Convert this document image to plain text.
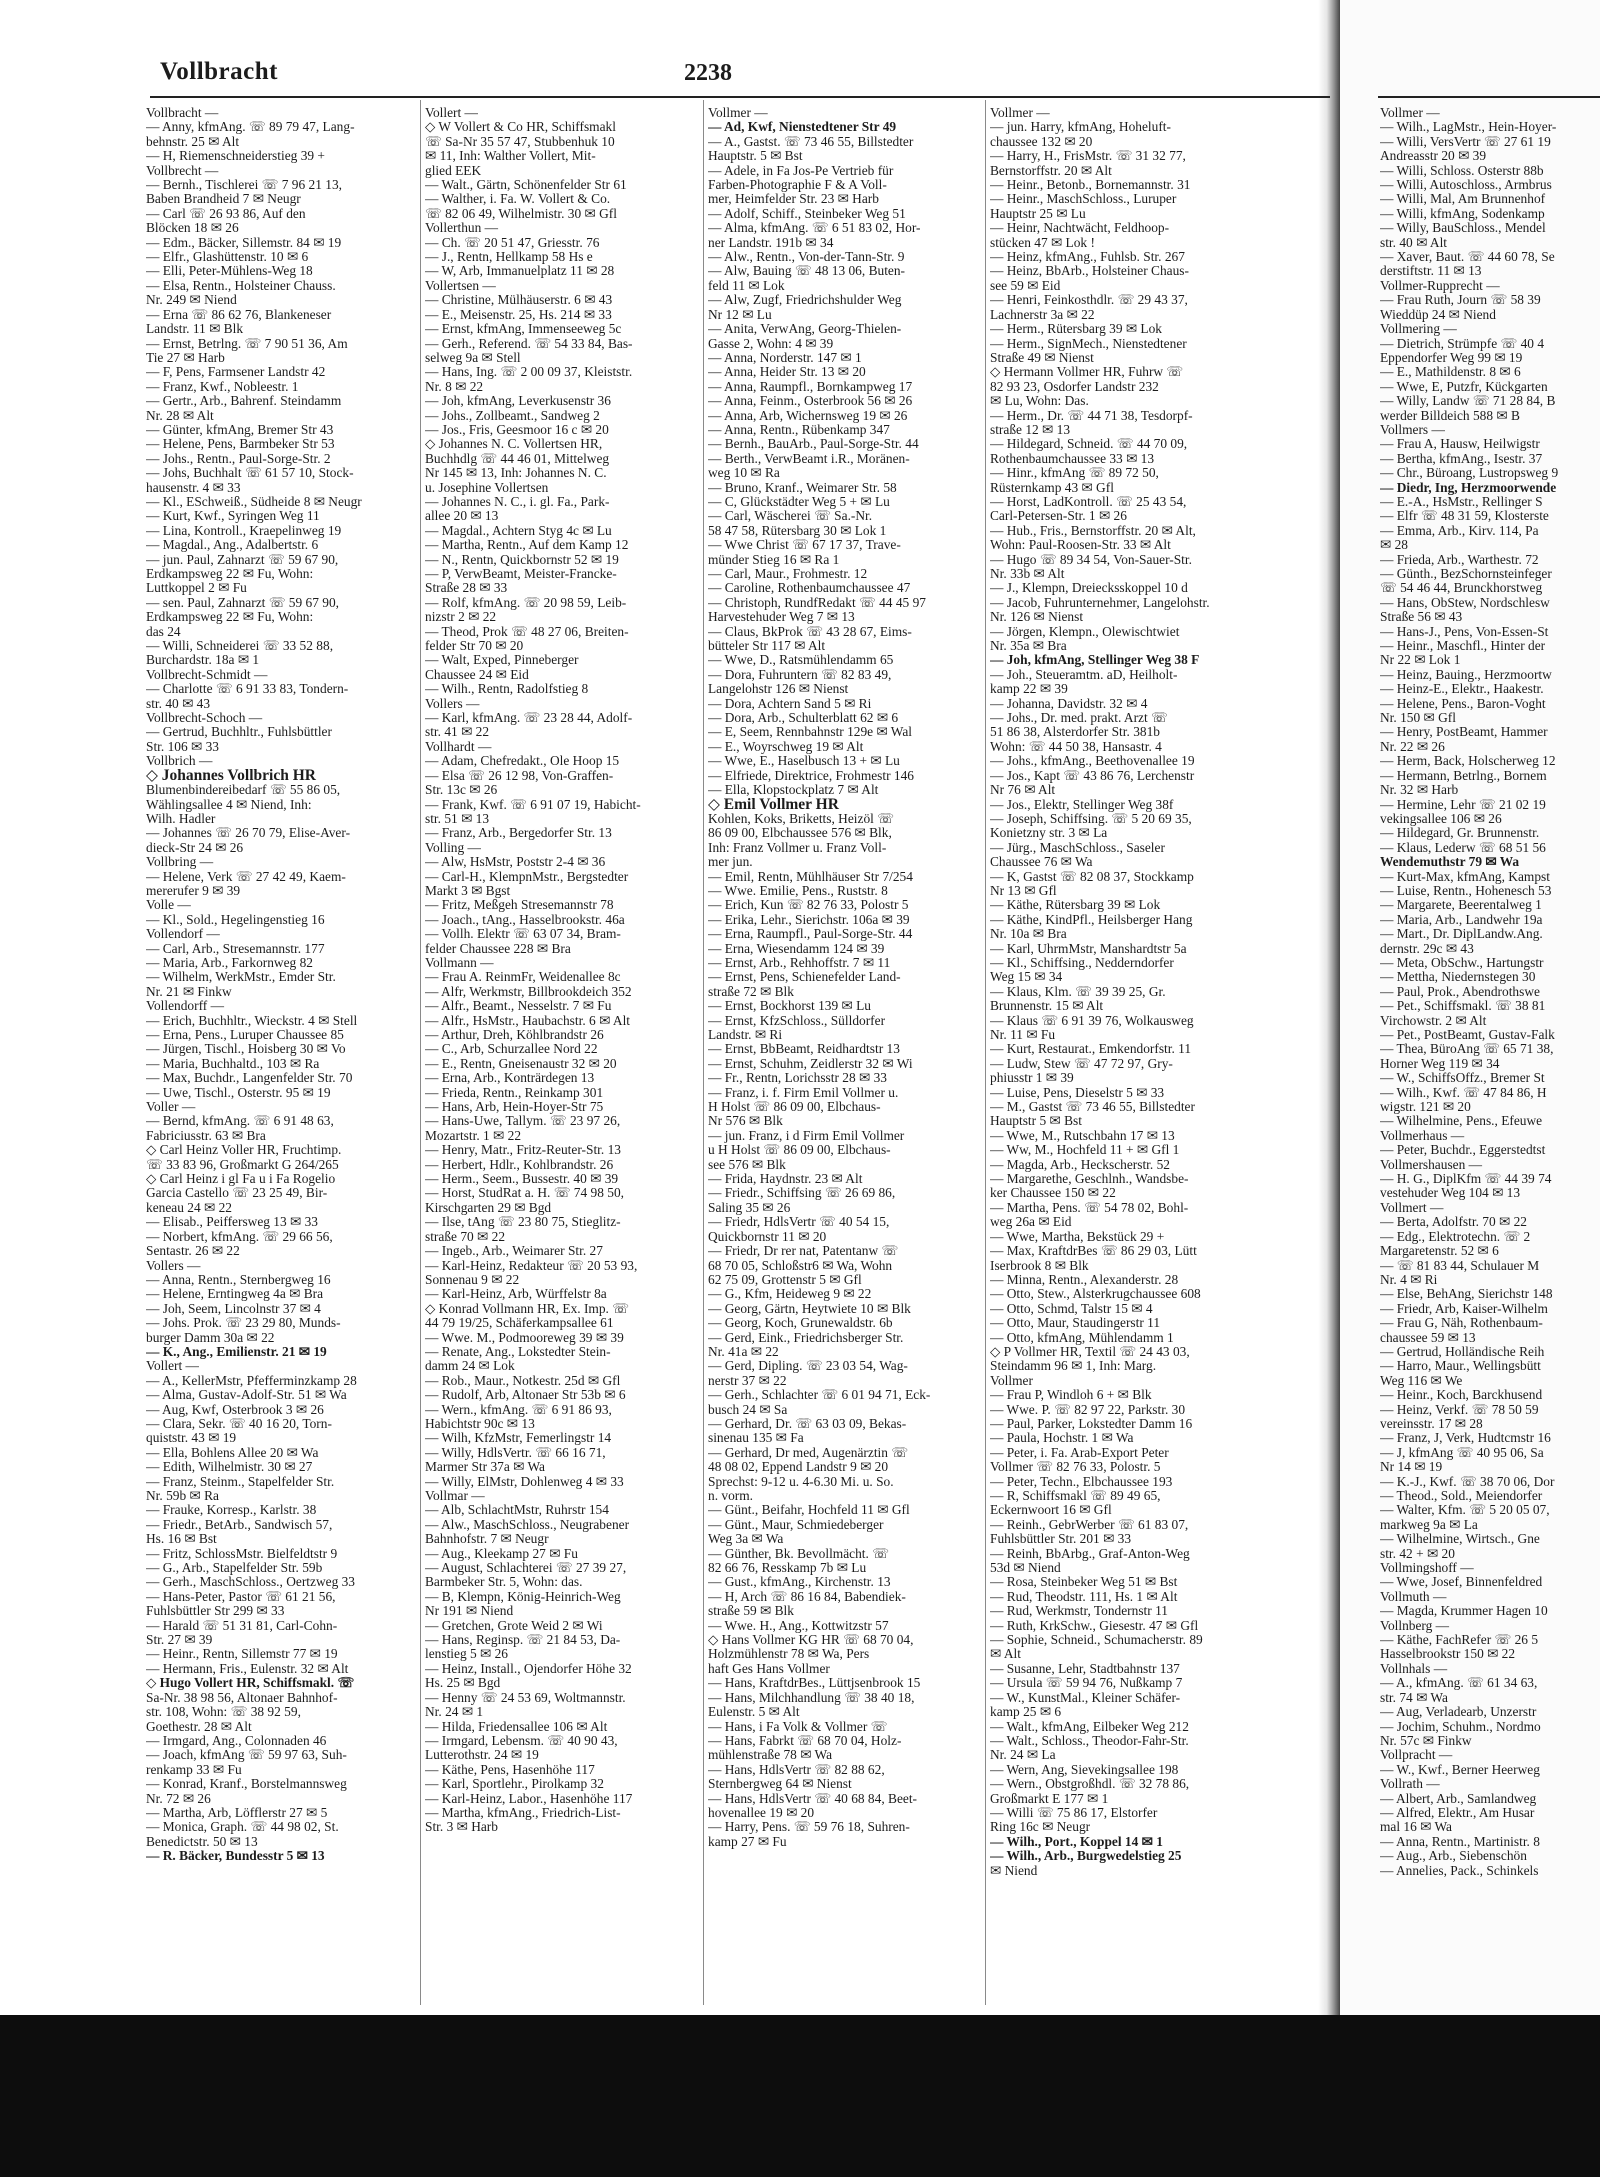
Vollbracht	2238
Vollbracht —
— Anny, kfmAng. ☏ 89 79 47, Lang-
behnstr. 25 ✉ Alt
— H, Riemenschneiderstieg 39 +
Vollbrecht —
— Bernh., Tischlerei ☏ 7 96 21 13,
Baben Brandheid 7 ✉ Neugr
— Carl ☏ 26 93 86, Auf den
Blöcken 18 ✉ 26
— Edm., Bäcker, Sillemstr. 84 ✉ 19
— Elfr., Glashüttenstr. 10 ✉ 6
— Elli, Peter-Mühlens-Weg 18
— Elsa, Rentn., Holsteiner Chauss.
Nr. 249 ✉ Niend
— Erna ☏ 86 62 76, Blankeneser
Landstr. 11 ✉ Blk
— Ernst, Betrlng. ☏ 7 90 51 36, Am
Tie 27 ✉ Harb
— F, Pens, Farmsener Landstr 42
— Franz, Kwf., Nobleestr. 1
— Gertr., Arb., Bahrenf. Steindamm
Nr. 28 ✉ Alt
— Günter, kfmAng, Bremer Str 43
— Helene, Pens, Barmbeker Str 53
— Johs., Rentn., Paul-Sorge-Str. 2
— Johs, Buchhalt ☏ 61 57 10, Stock-
hausenstr. 4 ✉ 33
— Kl., ESchweiß., Südheide 8 ✉ Neugr
— Kurt, Kwf., Syringen Weg 11
— Lina, Kontroll., Kraepelinweg 19
— Magdal., Ang., Adalbertstr. 6
— jun. Paul, Zahnarzt ☏ 59 67 90,
Erdkampsweg 22 ✉ Fu, Wohn:
Luttkoppel 2 ✉ Fu
— sen. Paul, Zahnarzt ☏ 59 67 90,
Erdkampsweg 22 ✉ Fu, Wohn:
das 24
— Willi, Schneiderei ☏ 33 52 88,
Burchardstr. 18a ✉ 1
Vollbrecht-Schmidt —
— Charlotte ☏ 6 91 33 83, Tondern-
str. 40 ✉ 43
Vollbrecht-Schoch —
— Gertrud, Buchhltr., Fuhlsbüttler
Str. 106 ✉ 33
Vollbrich —
◇ Johannes Vollbrich HR
Blumenbindereibedarf ☏ 55 86 05,
Wählingsallee 4 ✉ Niend, Inh:
Wilh. Hadler
— Johannes ☏ 26 70 79, Elise-Aver-
dieck-Str 24 ✉ 26
Vollbring —
— Helene, Verk ☏ 27 42 49, Kaem-
mererufer 9 ✉ 39
Volle —
— Kl., Sold., Hegelingenstieg 16
Vollendorf —
— Carl, Arb., Stresemannstr. 177
— Maria, Arb., Farkornweg 82
— Wilhelm, WerkMstr., Emder Str.
Nr. 21 ✉ Finkw
Vollendorff —
— Erich, Buchhltr., Wieckstr. 4 ✉ Stell
— Erna, Pens., Luruper Chaussee 85
— Jürgen, Tischl., Hoisberg 30 ✉ Vo
— Maria, Buchhaltd., 103 ✉ Ra
— Max, Buchdr., Langenfelder Str. 70
— Uwe, Tischl., Osterstr. 95 ✉ 19
Voller —
— Bernd, kfmAng. ☏ 6 91 48 63,
Fabriciusstr. 63 ✉ Bra
◇ Carl Heinz Voller HR, Fruchtimp.
☏ 33 83 96, Großmarkt G 264/265
◇ Carl Heinz i gl Fa u i Fa Rogelio
Garcia Castello ☏ 23 25 49, Bir-
keneau 24 ✉ 22
— Elisab., Peiffersweg 13 ✉ 33
— Norbert, kfmAng. ☏ 29 66 56,
Sentastr. 26 ✉ 22
Vollers —
— Anna, Rentn., Sternbergweg 16
— Helene, Erntingweg 4a ✉ Bra
— Joh, Seem, Lincolnstr 37 ✉ 4
— Johs. Prok. ☏ 23 29 80, Munds-
burger Damm 30a ✉ 22
— K., Ang., Emilienstr. 21 ✉ 19
Vollert —
— A., KellerMstr, Pfefferminzkamp 28
— Alma, Gustav-Adolf-Str. 51 ✉ Wa
— Aug, Kwf, Osterbrook 3 ✉ 26
— Clara, Sekr. ☏ 40 16 20, Torn-
quiststr. 43 ✉ 19
— Ella, Bohlens Allee 20 ✉ Wa
— Edith, Wilhelmistr. 30 ✉ 27
— Franz, Steinm., Stapelfelder Str.
Nr. 59b ✉ Ra
— Frauke, Korresp., Karlstr. 38
— Friedr., BetArb., Sandwisch 57,
Hs. 16 ✉ Bst
— Fritz, SchlossMstr. Bielfeldtstr 9
— G., Arb., Stapelfelder Str. 59b
— Gerh., MaschSchloss., Oertzweg 33
— Hans-Peter, Pastor ☏ 61 21 56,
Fuhlsbüttler Str 299 ✉ 33
— Harald ☏ 51 31 81, Carl-Cohn-
Str. 27 ✉ 39
— Heinr., Rentn, Sillemstr 77 ✉ 19
— Hermann, Fris., Eulenstr. 32 ✉ Alt
◇ Hugo Vollert HR, Schiffsmakl. ☏
Sa-Nr. 38 98 56, Altonaer Bahnhof-
str. 108, Wohn: ☏ 38 92 59,
Goethestr. 28 ✉ Alt
— Irmgard, Ang., Colonnaden 46
— Joach, kfmAng ☏ 59 97 63, Suh-
renkamp 33 ✉ Fu
— Konrad, Kranf., Borstelmannsweg
Nr. 72 ✉ 26
— Martha, Arb, Löfflerstr 27 ✉ 5
— Monica, Graph. ☏ 44 98 02, St.
Benedictstr. 50 ✉ 13
— R. Bäcker, Bundesstr 5 ✉ 13
Vollert —
◇ W Vollert & Co HR, Schiffsmakl
☏ Sa-Nr 35 57 47, Stubbenhuk 10
✉ 11, Inh: Walther Vollert, Mit-
glied EEK
— Walt., Gärtn, Schönenfelder Str 61
— Walther, i. Fa. W. Vollert & Co.
☏ 82 06 49, Wilhelmistr. 30 ✉ Gfl
Vollerthun —
— Ch. ☏ 20 51 47, Griesstr. 76
— J., Rentn, Hellkamp 58 Hs e
— W, Arb, Immanuelplatz 11 ✉ 28
Vollertsen —
— Christine, Mülhäuserstr. 6 ✉ 43
— E., Meisenstr. 25, Hs. 214 ✉ 33
— Ernst, kfmAng, Immenseeweg 5c
— Gerh., Referend. ☏ 54 33 84, Bas-
selweg 9a ✉ Stell
— Hans, Ing. ☏ 2 00 09 37, Kleiststr.
Nr. 8 ✉ 22
— Joh, kfmAng, Leverkusenstr 36
— Johs., Zollbeamt., Sandweg 2
— Jos., Fris, Geesmoor 16 c ✉ 20
◇ Johannes N. C. Vollertsen HR,
Buchhdlg ☏ 44 46 01, Mittelweg
Nr 145 ✉ 13, Inh: Johannes N. C.
u. Josephine Vollertsen
— Johannes N. C., i. gl. Fa., Park-
allee 20 ✉ 13
— Magdal., Achtern Styg 4c ✉ Lu
— Martha, Rentn., Auf dem Kamp 12
— N., Rentn, Quickbornstr 52 ✉ 19
— P, VerwBeamt, Meister-Francke-
Straße 28 ✉ 33
— Rolf, kfmAng. ☏ 20 98 59, Leib-
nizstr 2 ✉ 22
— Theod, Prok ☏ 48 27 06, Breiten-
felder Str 70 ✉ 20
— Walt, Exped, Pinneberger
Chaussee 24 ✉ Eid
— Wilh., Rentn, Radolfstieg 8
Vollers —
— Karl, kfmAng. ☏ 23 28 44, Adolf-
str. 41 ✉ 22
Vollhardt —
— Adam, Chefredakt., Ole Hoop 15
— Elsa ☏ 26 12 98, Von-Graffen-
Str. 13c ✉ 26
— Frank, Kwf. ☏ 6 91 07 19, Habicht-
str. 51 ✉ 13
— Franz, Arb., Bergedorfer Str. 13
Volling —
— Alw, HsMstr, Poststr 2-4 ✉ 36
— Carl-H., KlempnMstr., Bergstedter
Markt 3 ✉ Bgst
— Fritz, Meßgeh Stresemannstr 78
— Joach., tAng., Hasselbrookstr. 46a
— Vollh. Elektr ☏ 63 07 34, Bram-
felder Chaussee 228 ✉ Bra
Vollmann —
— Frau A. ReinmFr, Weidenallee 8c
— Alfr, Werkmstr, Billbrookdeich 352
— Alfr., Beamt., Nesselstr. 7 ✉ Fu
— Alfr., HsMstr., Haubachstr. 6 ✉ Alt
— Arthur, Dreh, Köhlbrandstr 26
— C., Arb, Schurzallee Nord 22
— E., Rentn, Gneisenaustr 32 ✉ 20
— Erna, Arb., Konträrdegen 13
— Frieda, Rentn., Reinkamp 301
— Hans, Arb, Hein-Hoyer-Str 75
— Hans-Uwe, Tallym. ☏ 23 97 26,
Mozartstr. 1 ✉ 22
— Henry, Matr., Fritz-Reuter-Str. 13
— Herbert, Hdlr., Kohlbrandstr. 26
— Herm., Seem., Bussestr. 40 ✉ 39
— Horst, StudRat a. H. ☏ 74 98 50,
Kirschgarten 29 ✉ Bgd
— Ilse, tAng ☏ 23 80 75, Stieglitz-
straße 70 ✉ 22
— Ingeb., Arb., Weimarer Str. 27
— Karl-Heinz, Redakteur ☏ 20 53 93,
Sonnenau 9 ✉ 22
— Karl-Heinz, Arb, Würffelstr 8a
◇ Konrad Vollmann HR, Ex. Imp. ☏
44 79 19/25, Schäferkampsallee 61
— Wwe. M., Podmooreweg 39 ✉ 39
— Renate, Ang., Lokstedter Stein-
damm 24 ✉ Lok
— Rob., Maur., Notkestr. 25d ✉ Gfl
— Rudolf, Arb, Altonaer Str 53b ✉ 6
— Wern., kfmAng. ☏ 6 91 86 93,
Habichtstr 90c ✉ 13
— Wilh, KfzMstr, Femerlingstr 14
— Willy, HdlsVertr. ☏ 66 16 71,
Marmer Str 37a ✉ Wa
— Willy, ElMstr, Dohlenweg 4 ✉ 33
Vollmar —
— Alb, SchlachtMstr, Ruhrstr 154
— Alw., MaschSchloss., Neugrabener
Bahnhofstr. 7 ✉ Neugr
— Aug., Kleekamp 27 ✉ Fu
— August, Schlachterei ☏ 27 39 27,
Barmbeker Str. 5, Wohn: das.
— B, Klempn, König-Heinrich-Weg
Nr 191 ✉ Niend
— Gretchen, Grote Weid 2 ✉ Wi
— Hans, Reginsp. ☏ 21 84 53, Da-
lenstieg 5 ✉ 26
— Heinz, Install., Ojendorfer Höhe 32
Hs. 25 ✉ Bgd
— Henny ☏ 24 53 69, Woltmannstr.
Nr. 24 ✉ 1
— Hilda, Friedensallee 106 ✉ Alt
— Irmgard, Lebensm. ☏ 40 90 43,
Lutterothstr. 24 ✉ 19
— Käthe, Pens, Hasenhöhe 117
— Karl, Sportlehr., Pirolkamp 32
— Karl-Heinz, Labor., Hasenhöhe 117
— Martha, kfmAng., Friedrich-List-
Str. 3 ✉ Harb
Vollmer —
— Ad, Kwf, Nienstedtener Str 49
— A., Gastst. ☏ 73 46 55, Billstedter
Hauptstr. 5 ✉ Bst
— Adele, in Fa Jos-Pe Vertrieb für
Farben-Photographie F & A Voll-
mer, Heimfelder Str. 23 ✉ Harb
— Adolf, Schiff., Steinbeker Weg 51
— Alma, kfmAng. ☏ 6 51 83 02, Hor-
ner Landstr. 191b ✉ 34
— Alw., Rentn., Von-der-Tann-Str. 9
— Alw, Bauing ☏ 48 13 06, Buten-
feld 11 ✉ Lok
— Alw, Zugf, Friedrichshulder Weg
Nr 12 ✉ Lu
— Anita, VerwAng, Georg-Thielen-
Gasse 2, Wohn: 4 ✉ 39
— Anna, Norderstr. 147 ✉ 1
— Anna, Heider Str. 13 ✉ 20
— Anna, Raumpfl., Bornkampweg 17
— Anna, Feinm., Osterbrook 56 ✉ 26
— Anna, Arb, Wichernsweg 19 ✉ 26
— Anna, Rentn., Rübenkamp 347
— Bernh., BauArb., Paul-Sorge-Str. 44
— Berth., VerwBeamt i.R., Moränen-
weg 10 ✉ Ra
— Bruno, Kranf., Weimarer Str. 58
— C, Glückstädter Weg 5 + ✉ Lu
— Carl, Wäscherei ☏ Sa.-Nr.
58 47 58, Rütersbarg 30 ✉ Lok 1
— Wwe Christ ☏ 67 17 37, Trave-
münder Stieg 16 ✉ Ra 1
— Carl, Maur., Frohmestr. 12
— Caroline, Rothenbaumchaussee 47
— Christoph, RundfRedakt ☏ 44 45 97
Harvestehuder Weg 7 ✉ 13
— Claus, BkProk ☏ 43 28 67, Eims-
bütteler Str 117 ✉ Alt
— Wwe, D., Ratsmühlendamm 65
— Dora, Fuhruntern ☏ 82 83 49,
Langelohstr 126 ✉ Nienst
— Dora, Achtern Sand 5 ✉ Ri
— Dora, Arb., Schulterblatt 62 ✉ 6
— E, Seem, Rennbahnstr 129e ✉ Wal
— E., Woyrschweg 19 ✉ Alt
— Wwe, E., Haselbusch 13 + ✉ Lu
— Elfriede, Direktrice, Frohmestr 146
— Ella, Klopstockplatz 7 ✉ Alt
◇ Emil Vollmer HR
Kohlen, Koks, Briketts, Heizöl ☏
86 09 00, Elbchaussee 576 ✉ Blk,
Inh: Franz Vollmer u. Franz Voll-
mer jun.
— Emil, Rentn, Mühlhäuser Str 7/254
— Wwe. Emilie, Pens., Ruststr. 8
— Erich, Kun ☏ 82 76 33, Polostr 5
— Erika, Lehr., Sierichstr. 106a ✉ 39
— Erna, Raumpfl., Paul-Sorge-Str. 44
— Erna, Wiesendamm 124 ✉ 39
— Ernst, Arb., Rehhoffstr. 7 ✉ 11
— Ernst, Pens, Schienefelder Land-
straße 72 ✉ Blk
— Ernst, Bockhorst 139 ✉ Lu
— Ernst, KfzSchloss., Sülldorfer
Landstr. ✉ Ri
— Ernst, BbBeamt, Reidhardtstr 13
— Ernst, Schuhm, Zeidlerstr 32 ✉ Wi
— Fr., Rentn, Lorichsstr 28 ✉ 33
— Franz, i. f. Firm Emil Vollmer u.
H Holst ☏ 86 09 00, Elbchaus-
Nr 576 ✉ Blk
— jun. Franz, i d Firm Emil Vollmer
u H Holst ☏ 86 09 00, Elbchaus-
see 576 ✉ Blk
— Frida, Haydnstr. 23 ✉ Alt
— Friedr., Schiffsing ☏ 26 69 86,
Saling 35 ✉ 26
— Friedr, HdlsVertr ☏ 40 54 15,
Quickbornstr 11 ✉ 20
— Friedr, Dr rer nat, Patentanw ☏
68 70 05, Schloßstr6 ✉ Wa, Wohn
62 75 09, Grottenstr 5 ✉ Gfl
— G., Kfm, Heideweg 9 ✉ 22
— Georg, Gärtn, Heytwiete 10 ✉ Blk
— Georg, Koch, Grunewaldstr. 6b
— Gerd, Eink., Friedrichsberger Str.
Nr. 41a ✉ 22
— Gerd, Dipling. ☏ 23 03 54, Wag-
nerstr 37 ✉ 22
— Gerh., Schlachter ☏ 6 01 94 71, Eck-
busch 24 ✉ Sa
— Gerhard, Dr. ☏ 63 03 09, Bekas-
sinenau 135 ✉ Fa
— Gerhard, Dr med, Augenärztin ☏
48 08 02, Eppend Landstr 9 ✉ 20
Sprechst: 9-12 u. 4-6.30 Mi. u. So.
n. vorm.
— Günt., Beifahr, Hochfeld 11 ✉ Gfl
— Günt., Maur, Schmiedeberger
Weg 3a ✉ Wa
— Günther, Bk. Bevollmächt. ☏
82 66 76, Resskamp 7b ✉ Lu
— Gust., kfmAng., Kirchenstr. 13
— H, Arch ☏ 86 16 84, Babendiek-
straße 59 ✉ Blk
— Wwe. H., Ang., Kottwitzstr 57
◇ Hans Vollmer KG HR ☏ 68 70 04,
Holzmühlenstr 78 ✉ Wa, Pers
haft Ges Hans Vollmer
— Hans, KraftdrBes., Lüttjsenbrook 15
— Hans, Milchhandlung ☏ 38 40 18,
Eulenstr. 5 ✉ Alt
— Hans, i Fa Volk & Vollmer ☏
— Hans, Fabrkt ☏ 68 70 04, Holz-
mühlenstraße 78 ✉ Wa
— Hans, HdlsVertr ☏ 82 88 62,
Sternbergweg 64 ✉ Nienst
— Hans, HdlsVertr ☏ 40 68 84, Beet-
hovenallee 19 ✉ 20
— Harry, Pens. ☏ 59 76 18, Suhren-
kamp 27 ✉ Fu
Vollmer —
— jun. Harry, kfmAng, Hoheluft-
chaussee 132 ✉ 20
— Harry, H., FrisMstr. ☏ 31 32 77,
Bernstorffstr. 20 ✉ Alt
— Heinr., Betonb., Bornemannstr. 31
— Heinr., MaschSchloss., Luruper
Hauptstr 25 ✉ Lu
— Heinr, Nachtwächt, Feldhoop-
stücken 47 ✉ Lok !
— Heinz, kfmAng., Fuhlsb. Str. 267
— Heinz, BbArb., Holsteiner Chaus-
see 59 ✉ Eid
— Henri, Feinkosthdlr. ☏ 29 43 37,
Lachnerstr 3a ✉ 22
— Herm., Rütersbarg 39 ✉ Lok
— Herm., SignMech., Nienstedtener
Straße 49 ✉ Nienst
◇ Hermann Vollmer HR, Fuhrw ☏
82 93 23, Osdorfer Landstr 232
✉ Lu, Wohn: Das.
— Herm., Dr. ☏ 44 71 38, Tesdorpf-
straße 12 ✉ 13
— Hildegard, Schneid. ☏ 44 70 09,
Rothenbaumchaussee 33 ✉ 13
— Hinr., kfmAng ☏ 89 72 50,
Rüsternkamp 43 ✉ Gfl
— Horst, LadKontroll. ☏ 25 43 54,
Carl-Petersen-Str. 1 ✉ 26
— Hub., Fris., Bernstorffstr. 20 ✉ Alt,
Wohn: Paul-Roosen-Str. 33 ✉ Alt
— Hugo ☏ 89 34 54, Von-Sauer-Str.
Nr. 33b ✉ Alt
— J., Klempn, Dreiecksskoppel 10 d
— Jacob, Fuhrunternehmer, Langelohstr.
Nr. 126 ✉ Nienst
— Jörgen, Klempn., Olewischtwiet
Nr. 35a ✉ Bra
— Joh, kfmAng, Stellinger Weg 38 F
— Joh., Steueramtm. aD, Heilholt-
kamp 22 ✉ 39
— Johanna, Davidstr. 32 ✉ 4
— Johs., Dr. med. prakt. Arzt ☏
51 86 38, Alsterdorfer Str. 381b
Wohn: ☏ 44 50 38, Hansastr. 4
— Johs., kfmAng., Beethovenallee 19
— Jos., Kapt ☏ 43 86 76, Lerchenstr
Nr 76 ✉ Alt
— Jos., Elektr, Stellinger Weg 38f
— Joseph, Schiffsing. ☏ 5 20 69 35,
Konietzny str. 3 ✉ La
— Jürg., MaschSchloss., Saseler
Chaussee 76 ✉ Wa
— K, Gastst ☏ 82 08 37, Stockkamp
Nr 13 ✉ Gfl
— Käthe, Rütersbarg 39 ✉ Lok
— Käthe, KindPfl., Heilsberger Hang
Nr. 10a ✉ Bra
— Karl, UhrmMstr, Manshardtstr 5a
— Kl., Schiffsing., Nedderndorfer
Weg 15 ✉ 34
— Klaus, Klm. ☏ 39 39 25, Gr.
Brunnenstr. 15 ✉ Alt
— Klaus ☏ 6 91 39 76, Wolkausweg
Nr. 11 ✉ Fu
— Kurt, Restaurat., Emkendorfstr. 11
— Ludw, Stew ☏ 47 72 97, Gry-
phiusstr 1 ✉ 39
— Luise, Pens, Dieselstr 5 ✉ 33
— M., Gastst ☏ 73 46 55, Billstedter
Hauptstr 5 ✉ Bst
— Wwe, M., Rutschbahn 17 ✉ 13
— Ww, M., Hochfeld 11 + ✉ Gfl 1
— Magda, Arb., Heckscherstr. 52
— Margarethe, Geschlnh., Wandsbe-
ker Chaussee 150 ✉ 22
— Martha, Pens. ☏ 54 78 02, Bohl-
weg 26a ✉ Eid
— Wwe, Martha, Bekstück 29 +
— Max, KraftdrBes ☏ 86 29 03, Lütt
Iserbrook 8 ✉ Blk
— Minna, Rentn., Alexanderstr. 28
— Otto, Stew., Alsterkrugchaussee 608
— Otto, Schmd, Talstr 15 ✉ 4
— Otto, Maur, Staudingerstr 11
— Otto, kfmAng, Mühlendamm 1
◇ P Vollmer HR, Textil ☏ 24 43 03,
Steindamm 96 ✉ 1, Inh: Marg.
Vollmer
— Frau P, Windloh 6 + ✉ Blk
— Wwe. P. ☏ 82 97 22, Parkstr. 30
— Paul, Parker, Lokstedter Damm 16
— Paula, Hochstr. 1 ✉ Wa
— Peter, i. Fa. Arab-Export Peter
Vollmer ☏ 82 76 33, Polostr. 5
— Peter, Techn., Elbchaussee 193
— R, Schiffsmakl ☏ 89 49 65,
Eckernwoort 16 ✉ Gfl
— Reinh., GebrWerber ☏ 61 83 07,
Fuhlsbüttler Str. 201 ✉ 33
— Reinh, BbArbg., Graf-Anton-Weg
53d ✉ Niend
— Rosa, Steinbeker Weg 51 ✉ Bst
— Rud, Theodstr. 111, Hs. 1 ✉ Alt
— Rud, Werkmstr, Tondernstr 11
— Ruth, KrkSchw., Giesestr. 47 ✉ Gfl
— Sophie, Schneid., Schumacherstr. 89
✉ Alt
— Susanne, Lehr, Stadtbahnstr 137
— Ursula ☏ 59 94 76, Nußkamp 7
— W., KunstMal., Kleiner Schäfer-
kamp 25 ✉ 6
— Walt., kfmAng, Eilbeker Weg 212
— Walt., Schloss., Theodor-Fahr-Str.
Nr. 24 ✉ La
— Wern, Ang, Sievekingsallee 198
— Wern., Obstgroßhdl. ☏ 32 78 86,
Großmarkt E 177 ✉ 1
— Willi ☏ 75 86 17, Elstorfer
Ring 16c ✉ Neugr
— Wilh., Port., Koppel 14 ✉ 1
— Wilh., Arb., Burgwedelstieg 25
✉ Niend
Vollmer —
— Wilh., LagMstr., Hein-Hoyer-
— Willi, VersVertr ☏ 27 61 19
Andreasstr 20 ✉ 39
— Willi, Schloss. Osterstr 88b
— Willi, Autoschloss., Armbrus
— Willi, Mal, Am Brunnenhof
— Willi, kfmAng, Sodenkamp
— Willy, BauSchloss., Mendel
str. 40 ✉ Alt
— Xaver, Baut. ☏ 44 60 78, Se
derstiftstr. 11 ✉ 13
Vollmer-Rupprecht —
— Frau Ruth, Journ ☏ 58 39
Wieddüp 24 ✉ Niend
Vollmering —
— Dietrich, Strümpfe ☏ 40 4
Eppendorfer Weg 99 ✉ 19
— E., Mathildenstr. 8 ✉ 6
— Wwe, E, Putzfr, Kückgarten
— Willy, Landw ☏ 71 28 84, B
werder Billdeich 588 ✉ B
Vollmers —
— Frau A, Hausw, Heilwigstr
— Bertha, kfmAng., Isestr. 37
— Chr., Büroang, Lustropsweg 9
— Diedr, Ing, Herzmoorwende
— E.-A., HsMstr., Rellinger S
— Elfr ☏ 48 31 59, Klosterste
— Emma, Arb., Kirv. 114, Pa
✉ 28
— Frieda, Arb., Warthestr. 72
— Günth., BezSchornsteinfeger
☏ 54 46 44, Brunckhorstweg
— Hans, ObStew, Nordschlesw
Straße 56 ✉ 43
— Hans-J., Pens, Von-Essen-St
— Heinr., Maschfl., Hinter der
Nr 22 ✉ Lok 1
— Heinz, Bauing., Herzmoortw
— Heinz-E., Elektr., Haakestr.
— Helene, Pens., Baron-Voght
Nr. 150 ✉ Gfl
— Henry, PostBeamt, Hammer
Nr. 22 ✉ 26
— Herm, Back, Holscherweg 12
— Hermann, Betrlng., Bornem
Nr. 32 ✉ Harb
— Hermine, Lehr ☏ 21 02 19
vekingsallee 106 ✉ 26
— Hildegard, Gr. Brunnenstr.
— Klaus, Lederw ☏ 68 51 56
Wendemuthstr 79 ✉ Wa
— Kurt-Max, kfmAng, Kampst
— Luise, Rentn., Hohenesch 53
— Margarete, Beerentalweg 1
— Maria, Arb., Landwehr 19a
— Mart., Dr. DiplLandw.Ang.
dernstr. 29c ✉ 43
— Meta, ObSchw., Hartungstr
— Mettha, Niedernstegen 30
— Paul, Prok., Abendrothswe
— Pet., Schiffsmakl. ☏ 38 81
Virchowstr. 2 ✉ Alt
— Pet., PostBeamt, Gustav-Falk
— Thea, BüroAng ☏ 65 71 38,
Horner Weg 119 ✉ 34
— W., SchiffsOffz., Bremer St
— Wilh., Kwf. ☏ 47 84 86, H
wigstr. 121 ✉ 20
— Wilhelmine, Pens., Efeuwe
Vollmerhaus —
— Peter, Buchdr., Eggerstedtst
Vollmershausen —
— H. G., DiplKfm ☏ 44 39 74
vestehuder Weg 104 ✉ 13
Vollmert —
— Berta, Adolfstr. 70 ✉ 22
— Edg., Elektrotechn. ☏ 2
Margaretenstr. 52 ✉ 6
— ☏ 81 83 44, Schulauer M
Nr. 4 ✉ Ri
— Else, BehAng, Sierichstr 148
— Friedr, Arb, Kaiser-Wilhelm
— Frau G, Näh, Rothenbaum-
chaussee 59 ✉ 13
— Gertrud, Holländische Reih
— Harro, Maur., Wellingsbütt
Weg 116 ✉ We
— Heinr., Koch, Barckhusend
— Heinz, Verkf. ☏ 78 50 59
vereinsstr. 17 ✉ 28
— Franz, J, Verk, Hudtcmstr 16
— J, kfmAng ☏ 40 95 06, Sa
Nr 14 ✉ 19
— K.-J., Kwf. ☏ 38 70 06, Dor
— Theod., Sold., Meiendorfer
— Walter, Kfm. ☏ 5 20 05 07,
markweg 9a ✉ La
— Wilhelmine, Wirtsch., Gne
str. 42 + ✉ 20
Vollmingshoff —
— Wwe, Josef, Binnenfeldred
Vollmuth —
— Magda, Krummer Hagen 10
Vollnberg —
— Käthe, FachRefer ☏ 26 5
Hasselbrookstr 150 ✉ 22
Vollnhals —
— A., kfmAng. ☏ 61 34 63,
str. 74 ✉ Wa
— Aug, Verladearb, Unzerstr
— Jochim, Schuhm., Nordmo
Nr. 57c ✉ Finkw
Vollpracht —
— W., Kwf., Berner Heerweg
Vollrath —
— Albert, Arb., Samlandweg
— Alfred, Elektr., Am Husar
mal 16 ✉ Wa
— Anna, Rentn., Martinistr. 8
— Aug., Arb., Siebenschön
— Annelies, Pack., Schinkels
